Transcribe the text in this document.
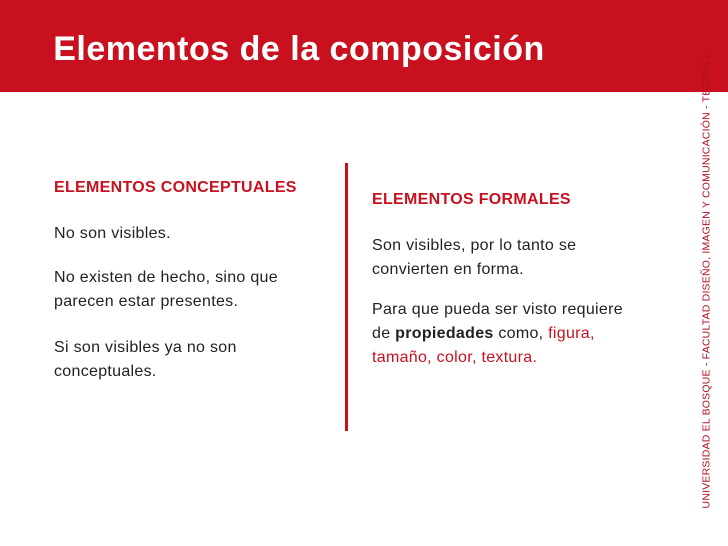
Elementos de la composición
UNIVERSIDAD EL BOSQUE - FACULTAD DISEÑO, IMAGEN Y COMUNICACIÓN - TEORÍA 1
ELEMENTOS CONCEPTUALES

No son visibles.

No existen de hecho, sino que parecen estar presentes.

Si son visibles ya no son conceptuales.

ELEMENTOS FORMALES

Son visibles, por lo tanto se convierten en forma.

Para que pueda ser visto requiere de propiedades como, figura, tamaño, color, textura.
